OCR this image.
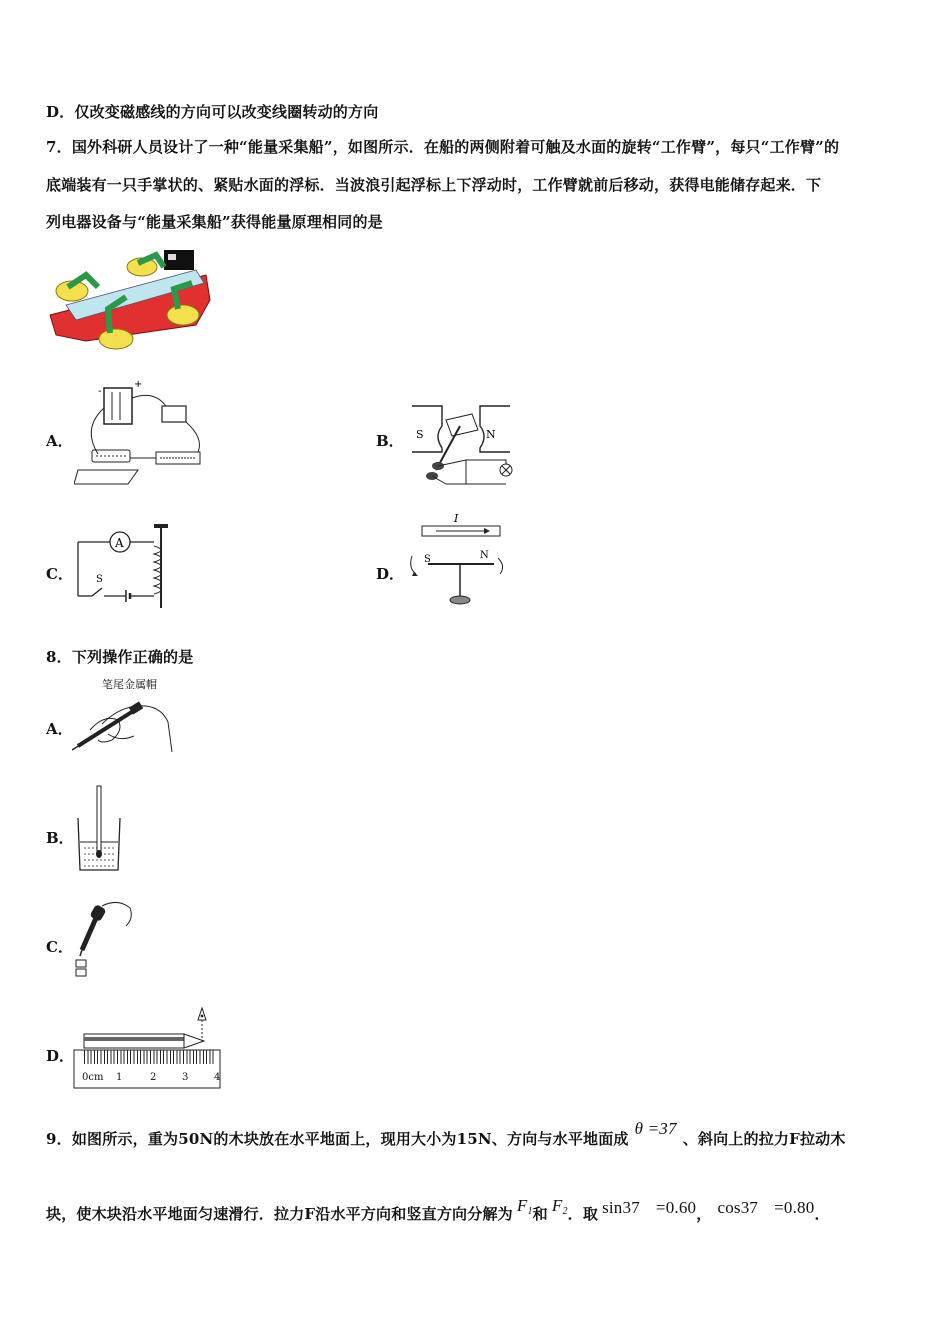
D．仅改变磁感线的方向可以改变线圈转动的方向
7．国外科研人员设计了一种“能量采集船”，如图所示．在船的两侧附着可触及水面的旋转“工作臂”，每只“工作臂”的
底端装有一只手掌状的、紧贴水面的浮标．当波浪引起浮标上下浮动时，工作臂就前后移动，获得电能储存起来．下
列电器设备与“能量采集船”获得能量原理相同的是
A．
+
-
B． S	N
C．
A
S	D．
I
S	N
8．下列操作正确的是
A．
笔尾金属帽
B．
C．
D．
0cm 1	2	3	4
9．如图所示，重为50N的木块放在水平地面上，现用大小为15N、方向与水平地面成θ =37、斜向上的拉力F拉动木
块，使木块沿水平地面匀速滑行．拉力F沿水平方向和竖直方向分解为 $F_1$和 $F_2$．取 sin37 =0.60， cos37 =0.80．
